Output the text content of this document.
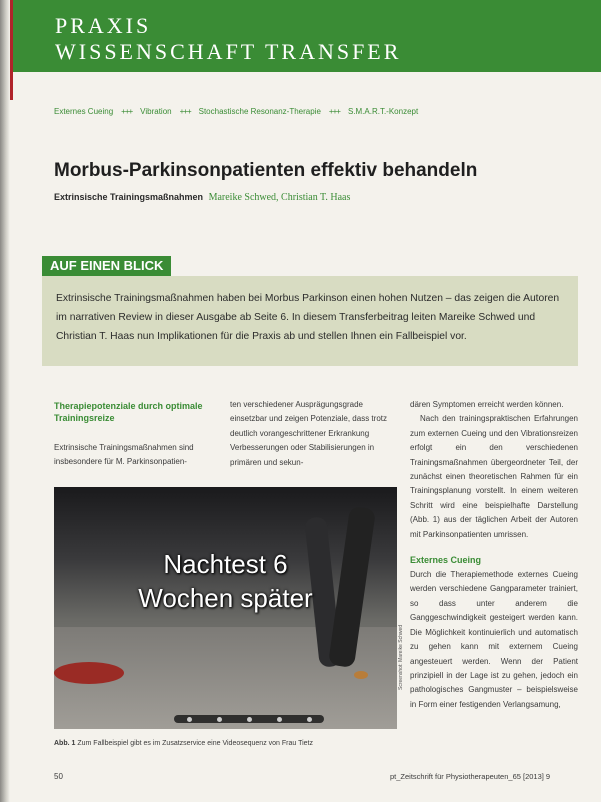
PRAXIS
WISSENSCHAFT TRANSFER
Externes Cueing +++ Vibration +++ Stochastische Resonanz-Therapie +++ S.M.A.R.T.-Konzept
Morbus-Parkinsonpatienten effektiv behandeln
Extrinsische Trainingsmaßnahmen Mareike Schwed, Christian T. Haas
AUF EINEN BLICK
Extrinsische Trainingsmaßnahmen haben bei Morbus Parkinson einen hohen Nutzen – das zeigen die Autoren im narrativen Review in dieser Ausgabe ab Seite 6. In diesem Transferbeitrag leiten Mareike Schwed und Christian T. Haas nun Implikationen für die Praxis ab und stellen Ihnen ein Fallbeispiel vor.
Therapiepotenziale durch optimale Trainingsreize
Extrinsische Trainingsmaßnahmen sind insbesondere für M. Parkinsonpatien-
ten verschiedener Ausprägungsgrade einsetzbar und zeigen Potenziale, dass trotz deutlich vorangeschrittener Erkrankung Verbesserungen oder Stabilisierungen in primären und sekun-
dären Symptomen erreicht werden können.
Nach den trainingspraktischen Erfahrungen zum externen Cueing und den Vibrationsreizen erfolgt ein den verschiedenen Trainingsmaßnahmen übergeordneter Teil, der zunächst einen theoretischen Rahmen für ein Trainingsplanung vorstellt. In einem weiteren Schritt wird eine beispielhafte Darstellung (Abb. 1) aus der täglichen Arbeit der Autoren mit Parkinsonpatienten umrissen.
Externes Cueing
Durch die Therapiemethode externes Cueing werden verschiedene Gangparameter trainiert, so dass unter anderem die Ganggeschwindigkeit gesteigert werden kann. Die Möglichkeit kontinuierlich und automatisch zu gehen kann mit externem Cueing angesteuert werden. Wenn der Patient prinzipiell in der Lage ist zu gehen, jedoch ein pathologisches Gangmuster – beispielsweise in Form einer festigenden Verlangsamung,
Nachtest 6
Wochen später
Screenshot: Mareike Schwed
Abb. 1 Zum Fallbeispiel gibt es im Zusatzservice eine Videosequenz von Frau Tietz
50	pt_Zeitschrift für Physiotherapeuten_65 [2013] 9
